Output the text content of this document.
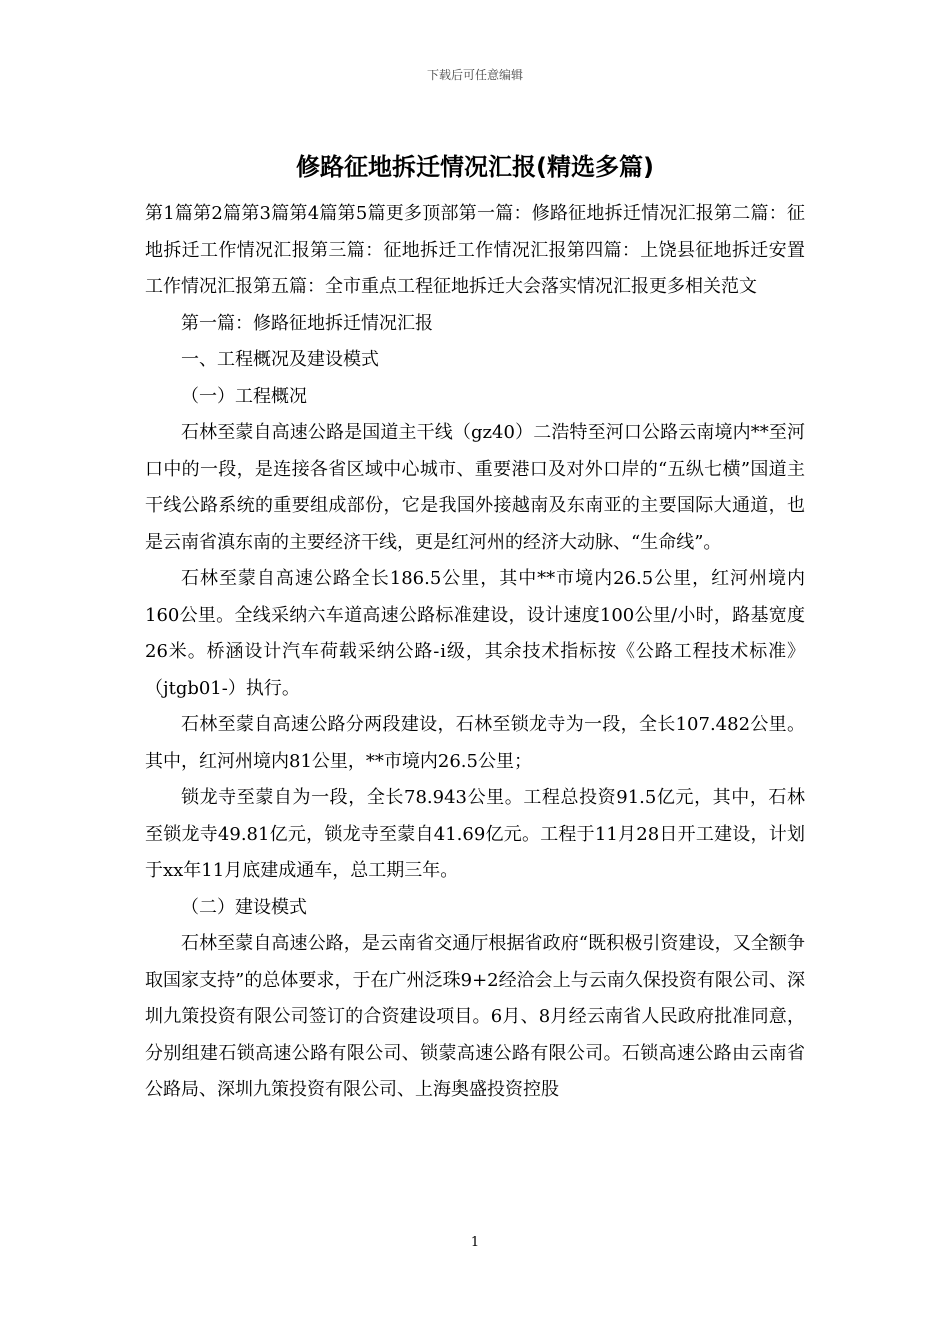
下载后可任意编辑
修路征地拆迁情况汇报(精选多篇)

第1篇第2篇第3篇第4篇第5篇更多顶部第一篇：修路征地拆迁情况汇报第二篇：征地拆迁工作情况汇报第三篇：征地拆迁工作情况汇报第四篇：上饶县征地拆迁安置工作情况汇报第五篇：全市重点工程征地拆迁大会落实情况汇报更多相关范文

第一篇：修路征地拆迁情况汇报

一、工程概况及建设模式

（一）工程概况

石林至蒙自高速公路是国道主干线（gz40）二浩特至河口公路云南境内**至河口中的一段，是连接各省区域中心城市、重要港口及对外口岸的“五纵七横”国道主干线公路系统的重要组成部份，它是我国外接越南及东南亚的主要国际大通道，也是云南省滇东南的主要经济干线，更是红河州的经济大动脉、“生命线”。

石林至蒙自高速公路全长186.5公里，其中**市境内26.5公里，红河州境内160公里。全线采纳六车道高速公路标准建设，设计速度100公里/小时，路基宽度26米。桥涵设计汽车荷载采纳公路-ⅰ级，其余技术指标按《公路工程技术标准》（jtgb01-）执行。

石林至蒙自高速公路分两段建设，石林至锁龙寺为一段，全长107.482公里。其中，红河州境内81公里，**市境内26.5公里；

锁龙寺至蒙自为一段，全长78.943公里。工程总投资91.5亿元，其中，石林至锁龙寺49.81亿元，锁龙寺至蒙自41.69亿元。工程于11月28日开工建设，计划于xx年11月底建成通车，总工期三年。

（二）建设模式

石林至蒙自高速公路，是云南省交通厅根据省政府“既积极引资建设，又全额争取国家支持”的总体要求，于在广州泛珠9+2经洽会上与云南久保投资有限公司、深圳九策投资有限公司签订的合资建设项目。6月、8月经云南省人民政府批准同意，分别组建石锁高速公路有限公司、锁蒙高速公路有限公司。石锁高速公路由云南省公路局、深圳九策投资有限公司、上海奥盛投资控股

1
